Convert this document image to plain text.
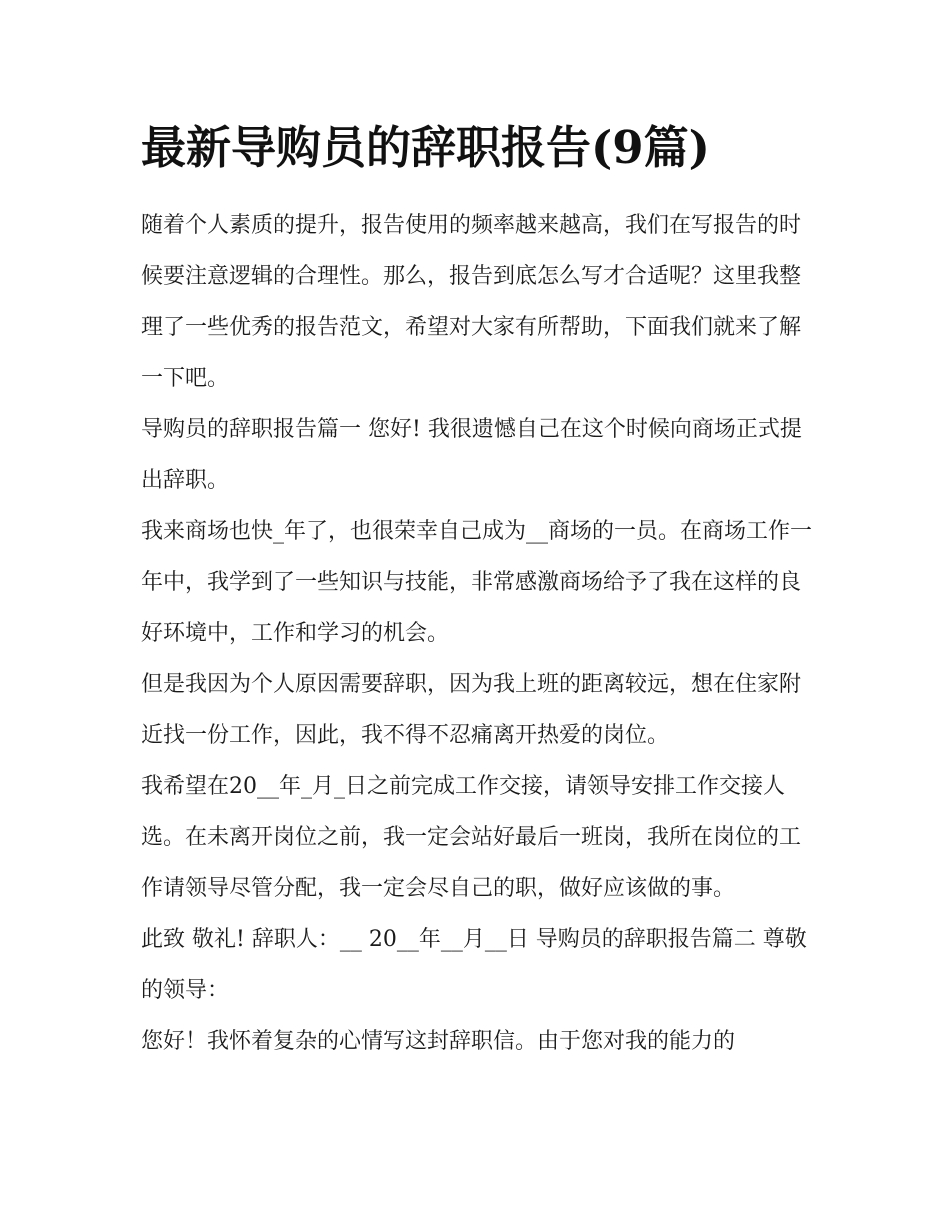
最新导购员的辞职报告(9篇)

随着个人素质的提升，报告使用的频率越来越高，我们在写报告的时候要注意逻辑的合理性。那么，报告到底怎么写才合适呢？这里我整理了一些优秀的报告范文，希望对大家有所帮助，下面我们就来了解一下吧。

导购员的辞职报告篇一 您好! 我很遗憾自己在这个时候向商场正式提出辞职。

我来商场也快_年了，也很荣幸自己成为__商场的一员。在商场工作一年中，我学到了一些知识与技能，非常感激商场给予了我在这样的良好环境中，工作和学习的机会。

但是我因为个人原因需要辞职，因为我上班的距离较远，想在住家附近找一份工作，因此，我不得不忍痛离开热爱的岗位。

我希望在20__年_月_日之前完成工作交接，请领导安排工作交接人选。在未离开岗位之前，我一定会站好最后一班岗，我所在岗位的工作请领导尽管分配，我一定会尽自己的职，做好应该做的事。

此致 敬礼! 辞职人：__ 20__年__月__日 导购员的辞职报告篇二 尊敬的领导：

您好！我怀着复杂的心情写这封辞职信。由于您对我的能力的
